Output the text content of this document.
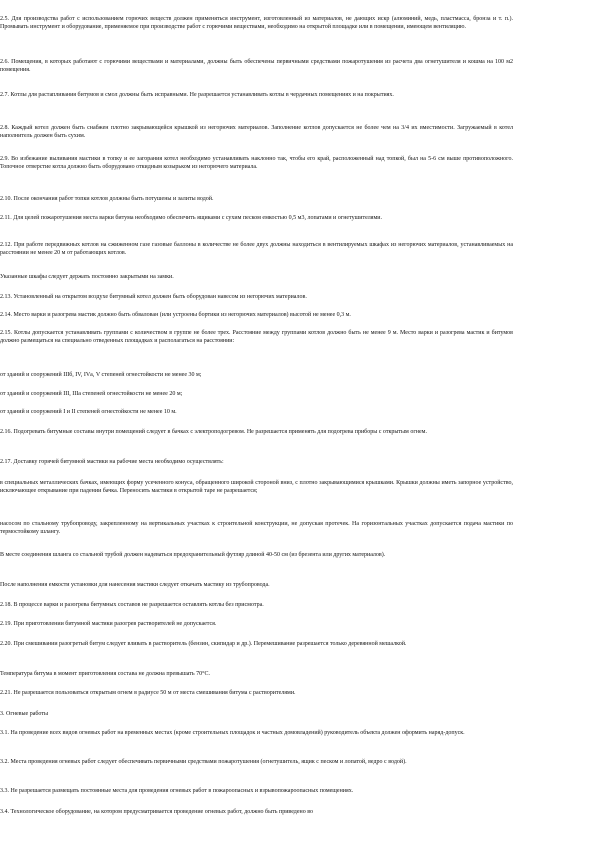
2.5. Для производства работ с использованием горючих веществ должен применяться инструмент, изготовленный из материалов, не дающих искр (алюминий, медь, пластмасса, бронза и т. п.). Промывать инструмент и оборудование, применяемое при производстве работ с горючими веществами, необходимо на открытой площадке или в помещении, имеющем вентиляцию.

2.6. Помещения, в которых работают с горючими веществами и материалами, должны быть обеспечены первичными средствами пожаротушения из расчета два огнетушителя и кошма на 100 м2 помещения.

2.7. Котлы для растапливания битумов и смол должны быть исправными. Не разрешается устанавливать котлы в чердачных помещениях и на покрытиях.

2.8. Каждый котел должен быть снабжен плотно закрывающейся крышкой из негорючих материалов. Заполнение котлов допускается не более чем на 3/4 их вместимости. Загружаемый в котел наполнитель должен быть сухим.

2.9. Во избежание выливания мастики в топку и ее загорания котел необходимо устанавливать наклонно так, чтобы его край, расположенный над топкой, был на 5-6 см выше противоположного. Топочное отверстие котла должно быть оборудовано откидным козырьком из негорючего материала.

2.10. После окончания работ топки котлов должны быть потушены и залиты водой.

2.11. Для целей пожаротушения места варки битума необходимо обеспечить ящиками с сухим песком емкостью 0,5 м3, лопатами и огнетушителями.

2.12. При работе передвижных котлов на сжиженном газе газовые баллоны в количестве не более двух должны находиться в вентилируемых шкафах из негорючих материалов, устанавливаемых на расстоянии не менее 20 м от работающих котлов.

Указанные шкафы следует держать постоянно закрытыми на замки.

2.13. Установленный на открытом воздухе битумный котел должен быть оборудован навесом из негорючих материалов.

2.14. Место варки и разогрева мастик должно быть обвалован (или устроены бортики из негорючих материалов) высотой не менее 0,3 м.

2.15. Котлы допускается устанавливать группами с количеством в группе не более трех. Расстояние между группами котлов должно быть не менее 9 м. Место варки и разогрева мастик и битумов должно размещаться на специально отведенных площадках и располагаться на расстоянии:

от зданий и сооружений IIIб, IV, IVа, V степеней огнестойкости не менее 30 м;

от зданий и сооружений III, IIIа степеней огнестойкости не менее 20 м;

от зданий и сооружений I и II степеней огнестойкости не менее 10 м.

2.16. Подогревать битумные составы внутри помещений следует в бачках с электроподогревом. Не разрешается применять для подогрева приборы с открытым огнем.

2.17. Доставку горячей битумной мастики на рабочие места необходимо осуществлять:

в специальных металлических бачках, имеющих форму усеченного конуса, обращенного широкой стороной вниз, с плотно закрывающимися крышками. Крышки должны иметь запорное устройство, исключающее открывание при падении бачка. Переносить мастики в открытой таре не разрешается;

насосом по стальному трубопроводу, закрепленному на вертикальных участках к строительной конструкции, не допуская протечек. На горизонтальных участках допускается подача мастики по термостойкому шлангу.

В месте соединения шланга со стальной трубой должен надеваться предохранительный футляр длиной 40-50 см (из брезента или других материалов).

После наполнения емкости установки для нанесения мастики следует откачать мастику из трубопровода.

2.18. В процессе варки и разогрева битумных составов не разрешается оставлять котлы без присмотра.

2.19. При приготовлении битумной мастики разогрев растворителей не допускается.

2.20. При смешивании разогретый битум следует вливать в растворитель (бензин, скипидар и др.). Перемешивание разрешается только деревянной мешалкой.

Температура битума в момент приготовления состава не должна превышать 70°С.

2.21. Не разрешается пользоваться открытым огнем в радиусе 50 м от места смешивания битума с растворителями.

3. Огневые работы

3.1. На проведение всех видов огневых работ на временных местах (кроме строительных площадок и частных домовладений) руководитель объекта должен оформить наряд-допуск.

3.2. Места проведения огневых работ следует обеспечивать первичными средствами пожаротушения (огнетушитель, ящик с песком и лопатой, ведро с водой).

3.3. Не разрешается размещать постоянные места для проведения огневых работ в пожароопасных и взрывопожароопасных помещениях.

3.4. Технологическое оборудование, на котором предусматривается проведение огневых работ, должно быть приведено во
